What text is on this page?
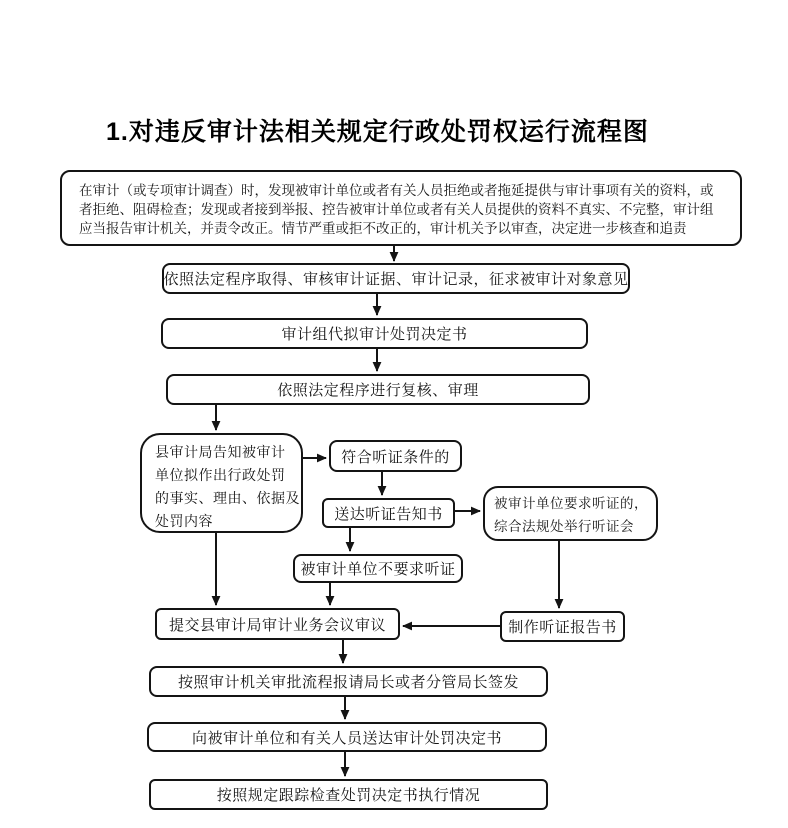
1.对违反审计法相关规定行政处罚权运行流程图
在审计（或专项审计调查）时，发现被审计单位或者有关人员拒绝或者拖延提供与审计事项有关的资料，或
者拒绝、阻碍检查；发现或者接到举报、控告被审计单位或者有关人员提供的资料不真实、不完整，审计组
应当报告审计机关，并责令改正。情节严重或拒不改正的，审计机关予以审查，决定进一步核查和追责
依照法定程序取得、审核审计证据、审计记录，征求被审计对象意见
审计组代拟审计处罚决定书
依照法定程序进行复核、审理
县审计局告知被审计
单位拟作出行政处罚
的事实、理由、依据及
处罚内容
符合听证条件的
送达听证告知书
被审计单位要求听证的，
综合法规处举行听证会
被审计单位不要求听证
提交县审计局审计业务会议审议	制作听证报告书
按照审计机关审批流程报请局长或者分管局长签发
向被审计单位和有关人员送达审计处罚决定书
按照规定跟踪检查处罚决定书执行情况
